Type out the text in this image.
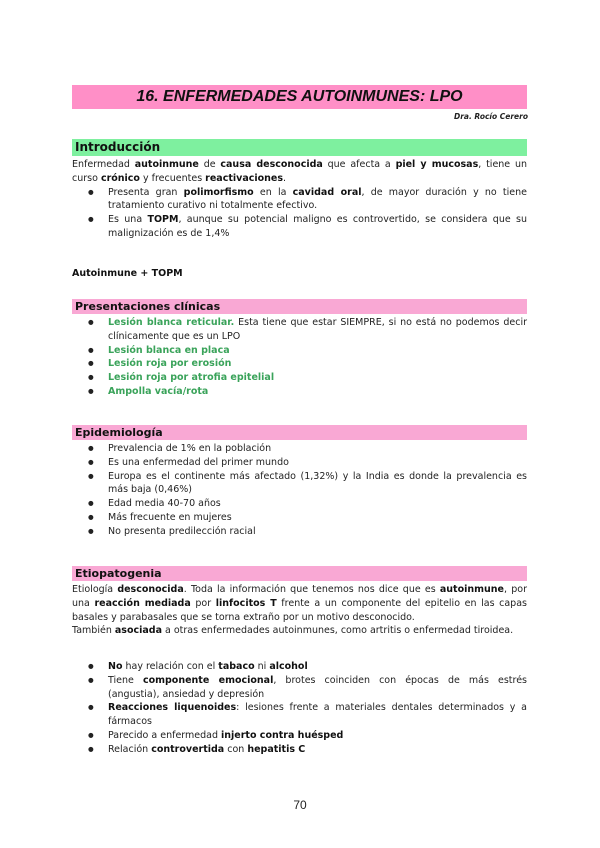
16. ENFERMEDADES AUTOINMUNES: LPO
Dra. Rocío Cerero
Introducción
Enfermedad autoinmune de causa desconocida que afecta a piel y mucosas, tiene un curso crónico y frecuentes reactivaciones.
● Presenta gran polimorfismo en la cavidad oral, de mayor duración y no tiene tratamiento curativo ni totalmente efectivo.
● Es una TOPM, aunque su potencial maligno es controvertido, se considera que su malignización es de 1,4%
Autoinmune + TOPM
Presentaciones clínicas
● Lesión blanca reticular. Esta tiene que estar SIEMPRE, si no está no podemos decir clínicamente que es un LPO
● Lesión blanca en placa
● Lesión roja por erosión
● Lesión roja por atrofia epitelial
● Ampolla vacía/rota
Epidemiología
● Prevalencia de 1% en la población
● Es una enfermedad del primer mundo
● Europa es el continente más afectado (1,32%) y la India es donde la prevalencia es más baja (0,46%)
● Edad media 40-70 años
● Más frecuente en mujeres
● No presenta predilección racial
Etiopatogenia
Etiología desconocida. Toda la información que tenemos nos dice que es autoinmune, por una reacción mediada por linfocitos T frente a un componente del epitelio en las capas basales y parabasales que se torna extraño por un motivo desconocido.
También asociada a otras enfermedades autoinmunes, como artritis o enfermedad tiroidea.
● No hay relación con el tabaco ni alcohol
● Tiene componente emocional, brotes coinciden con épocas de más estrés (angustia), ansiedad y depresión
● Reacciones liquenoides: lesiones frente a materiales dentales determinados y a fármacos
● Parecido a enfermedad injerto contra huésped
● Relación controvertida con hepatitis C
70
